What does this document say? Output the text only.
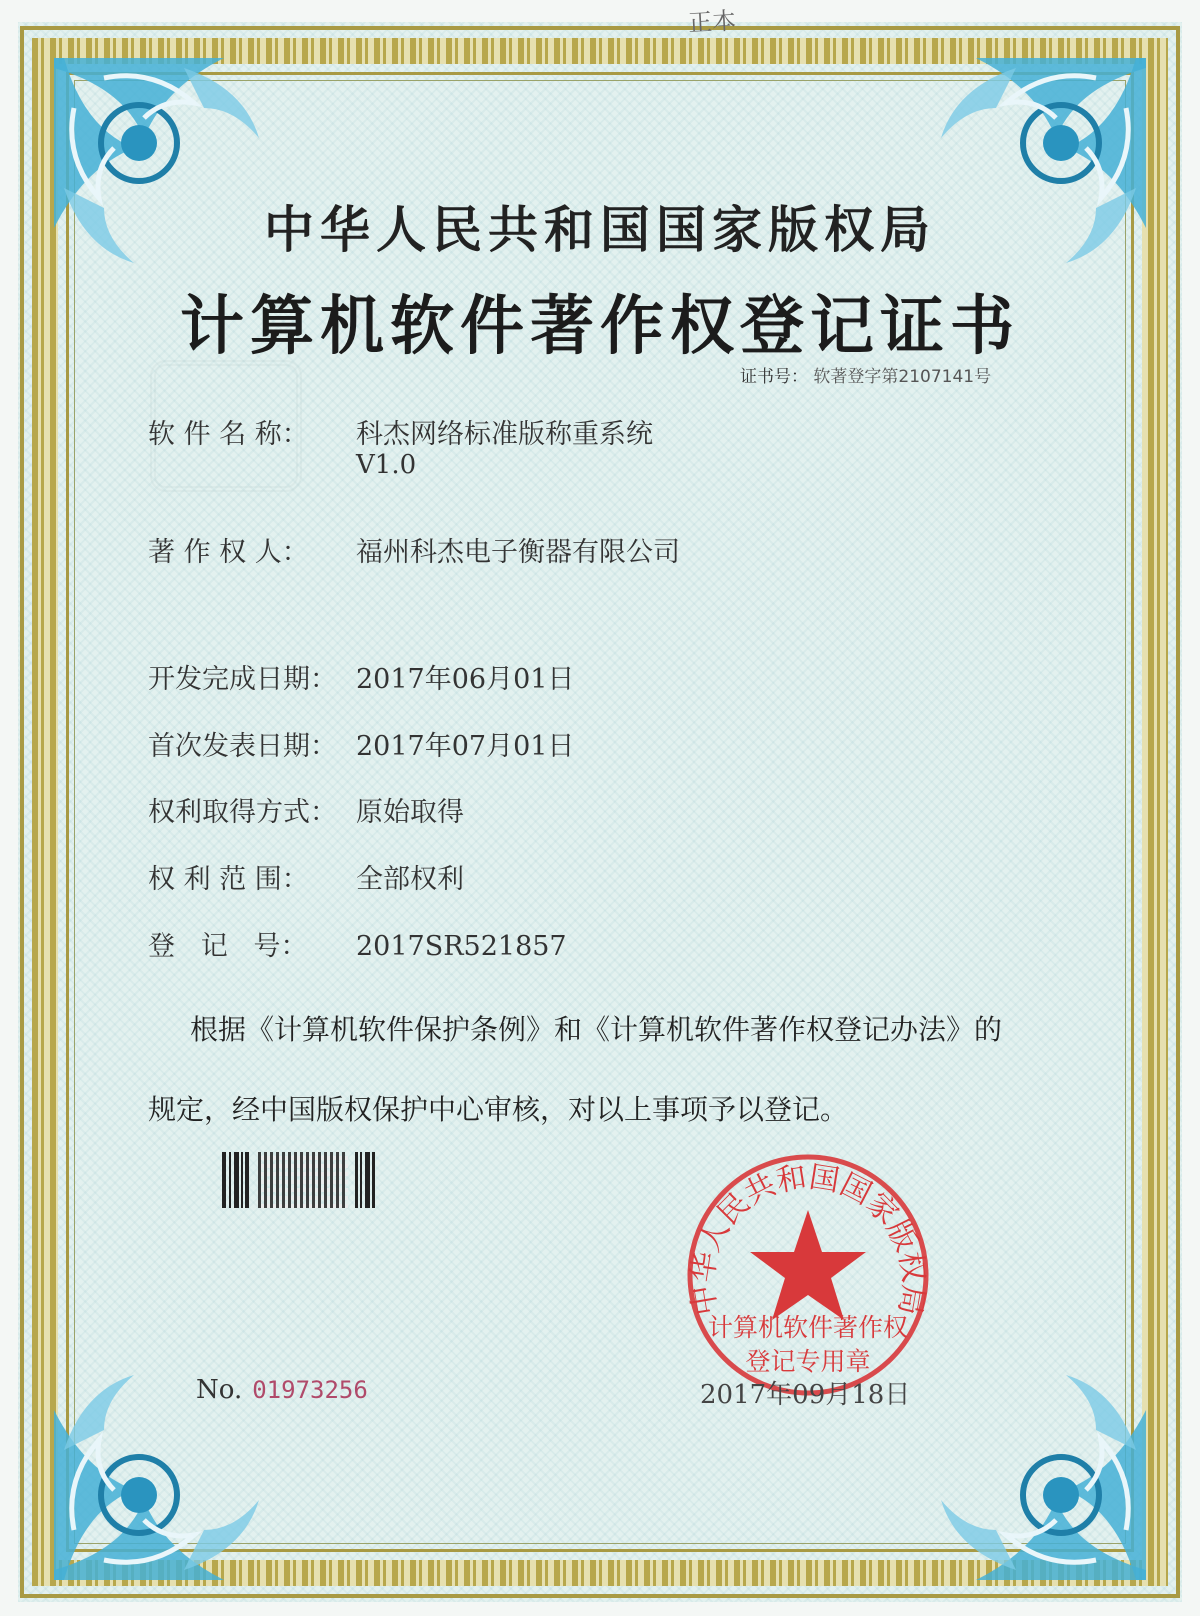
正本
中华人民共和国国家版权局
计算机软件著作权登记证书
证书号： 软著登字第2107141号
软 件 名 称： 科杰网络标准版称重系统
V1.0
著 作 权 人： 福州科杰电子衡器有限公司
开发完成日期： 2017年06月01日
首次发表日期： 2017年07月01日
权利取得方式： 原始取得
权 利 范 围： 全部权利
登   记   号： 2017SR521857
根据《计算机软件保护条例》和《计算机软件著作权登记办法》的
规定，经中国版权保护中心审核，对以上事项予以登记。
中华人民共和国国家版权局
计算机软件著作权
登记专用章
2017年09月18日
No. 01973256
